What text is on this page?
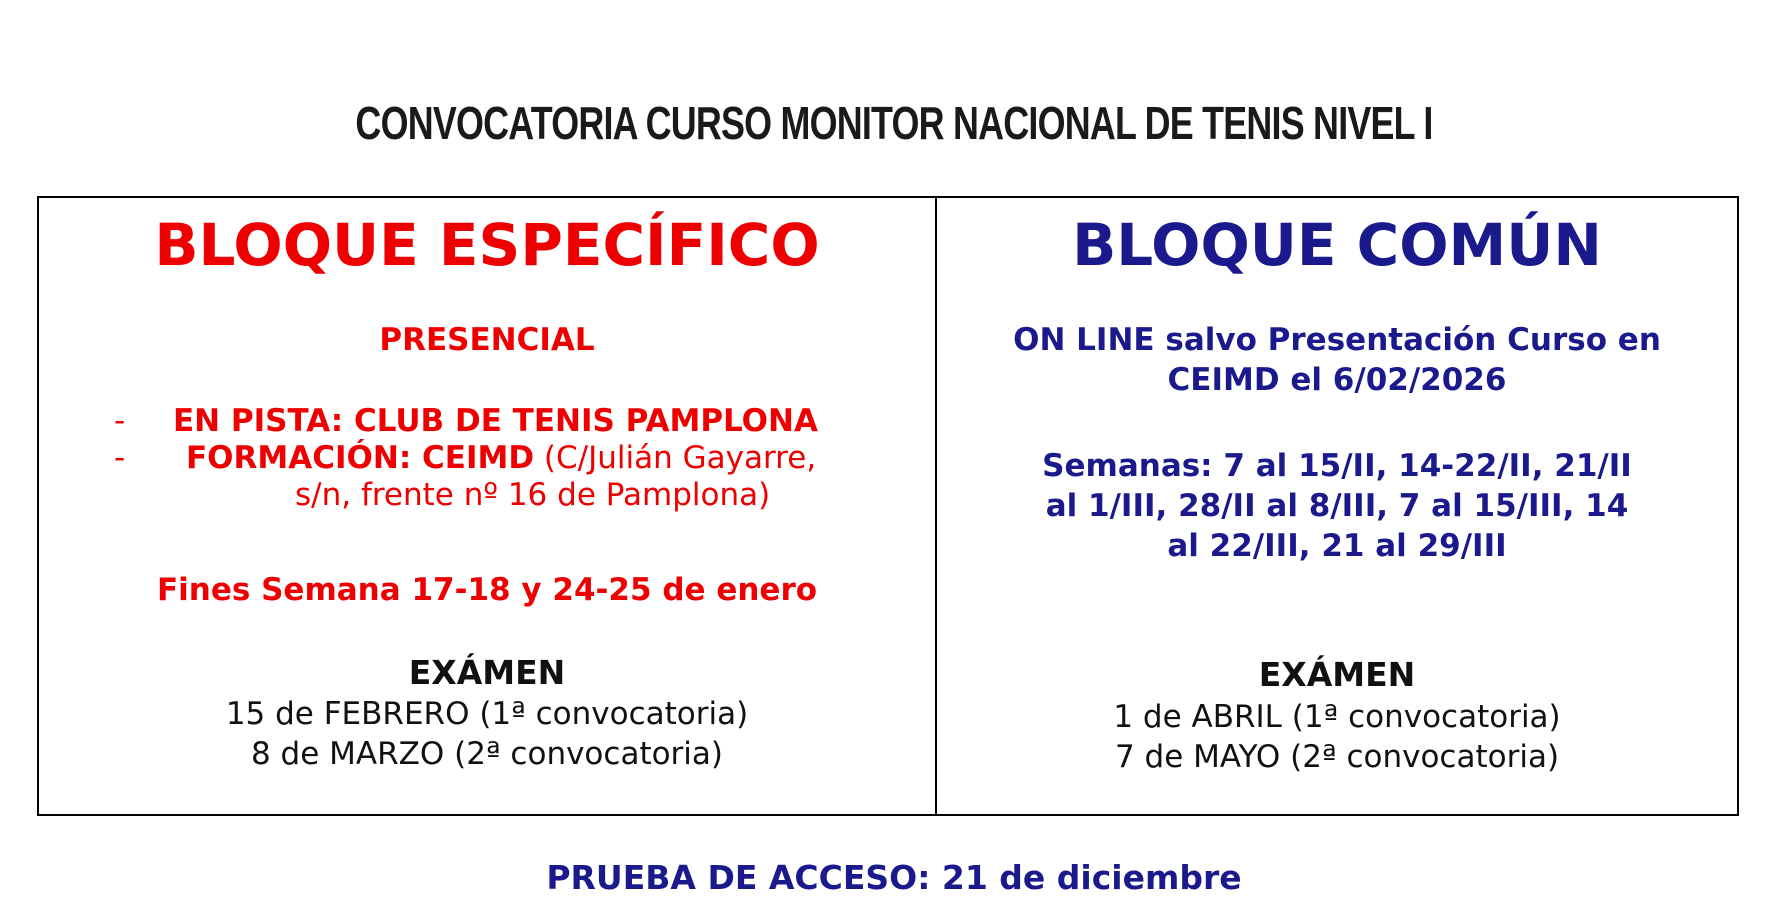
CONVOCATORIA CURSO MONITOR NACIONAL DE TENIS NIVEL I
BLOQUE ESPECÍFICO
PRESENCIAL
- EN PISTA: CLUB DE TENIS PAMPLONA
- FORMACIÓN: CEIMD (C/Julián Gayarre,
s/n, frente nº 16 de Pamplona)
Fines Semana 17-18 y 24-25 de enero
EXÁMEN
15 de FEBRERO (1ª convocatoria)
8 de MARZO (2ª convocatoria)
BLOQUE COMÚN
ON LINE salvo Presentación Curso en
CEIMD el 6/02/2026
Semanas: 7 al 15/II, 14-22/II, 21/II
al 1/III, 28/II al 8/III, 7 al 15/III, 14
al 22/III, 21 al 29/III
EXÁMEN
1 de ABRIL (1ª convocatoria)
7 de MAYO (2ª convocatoria)
PRUEBA DE ACCESO: 21 de diciembre
